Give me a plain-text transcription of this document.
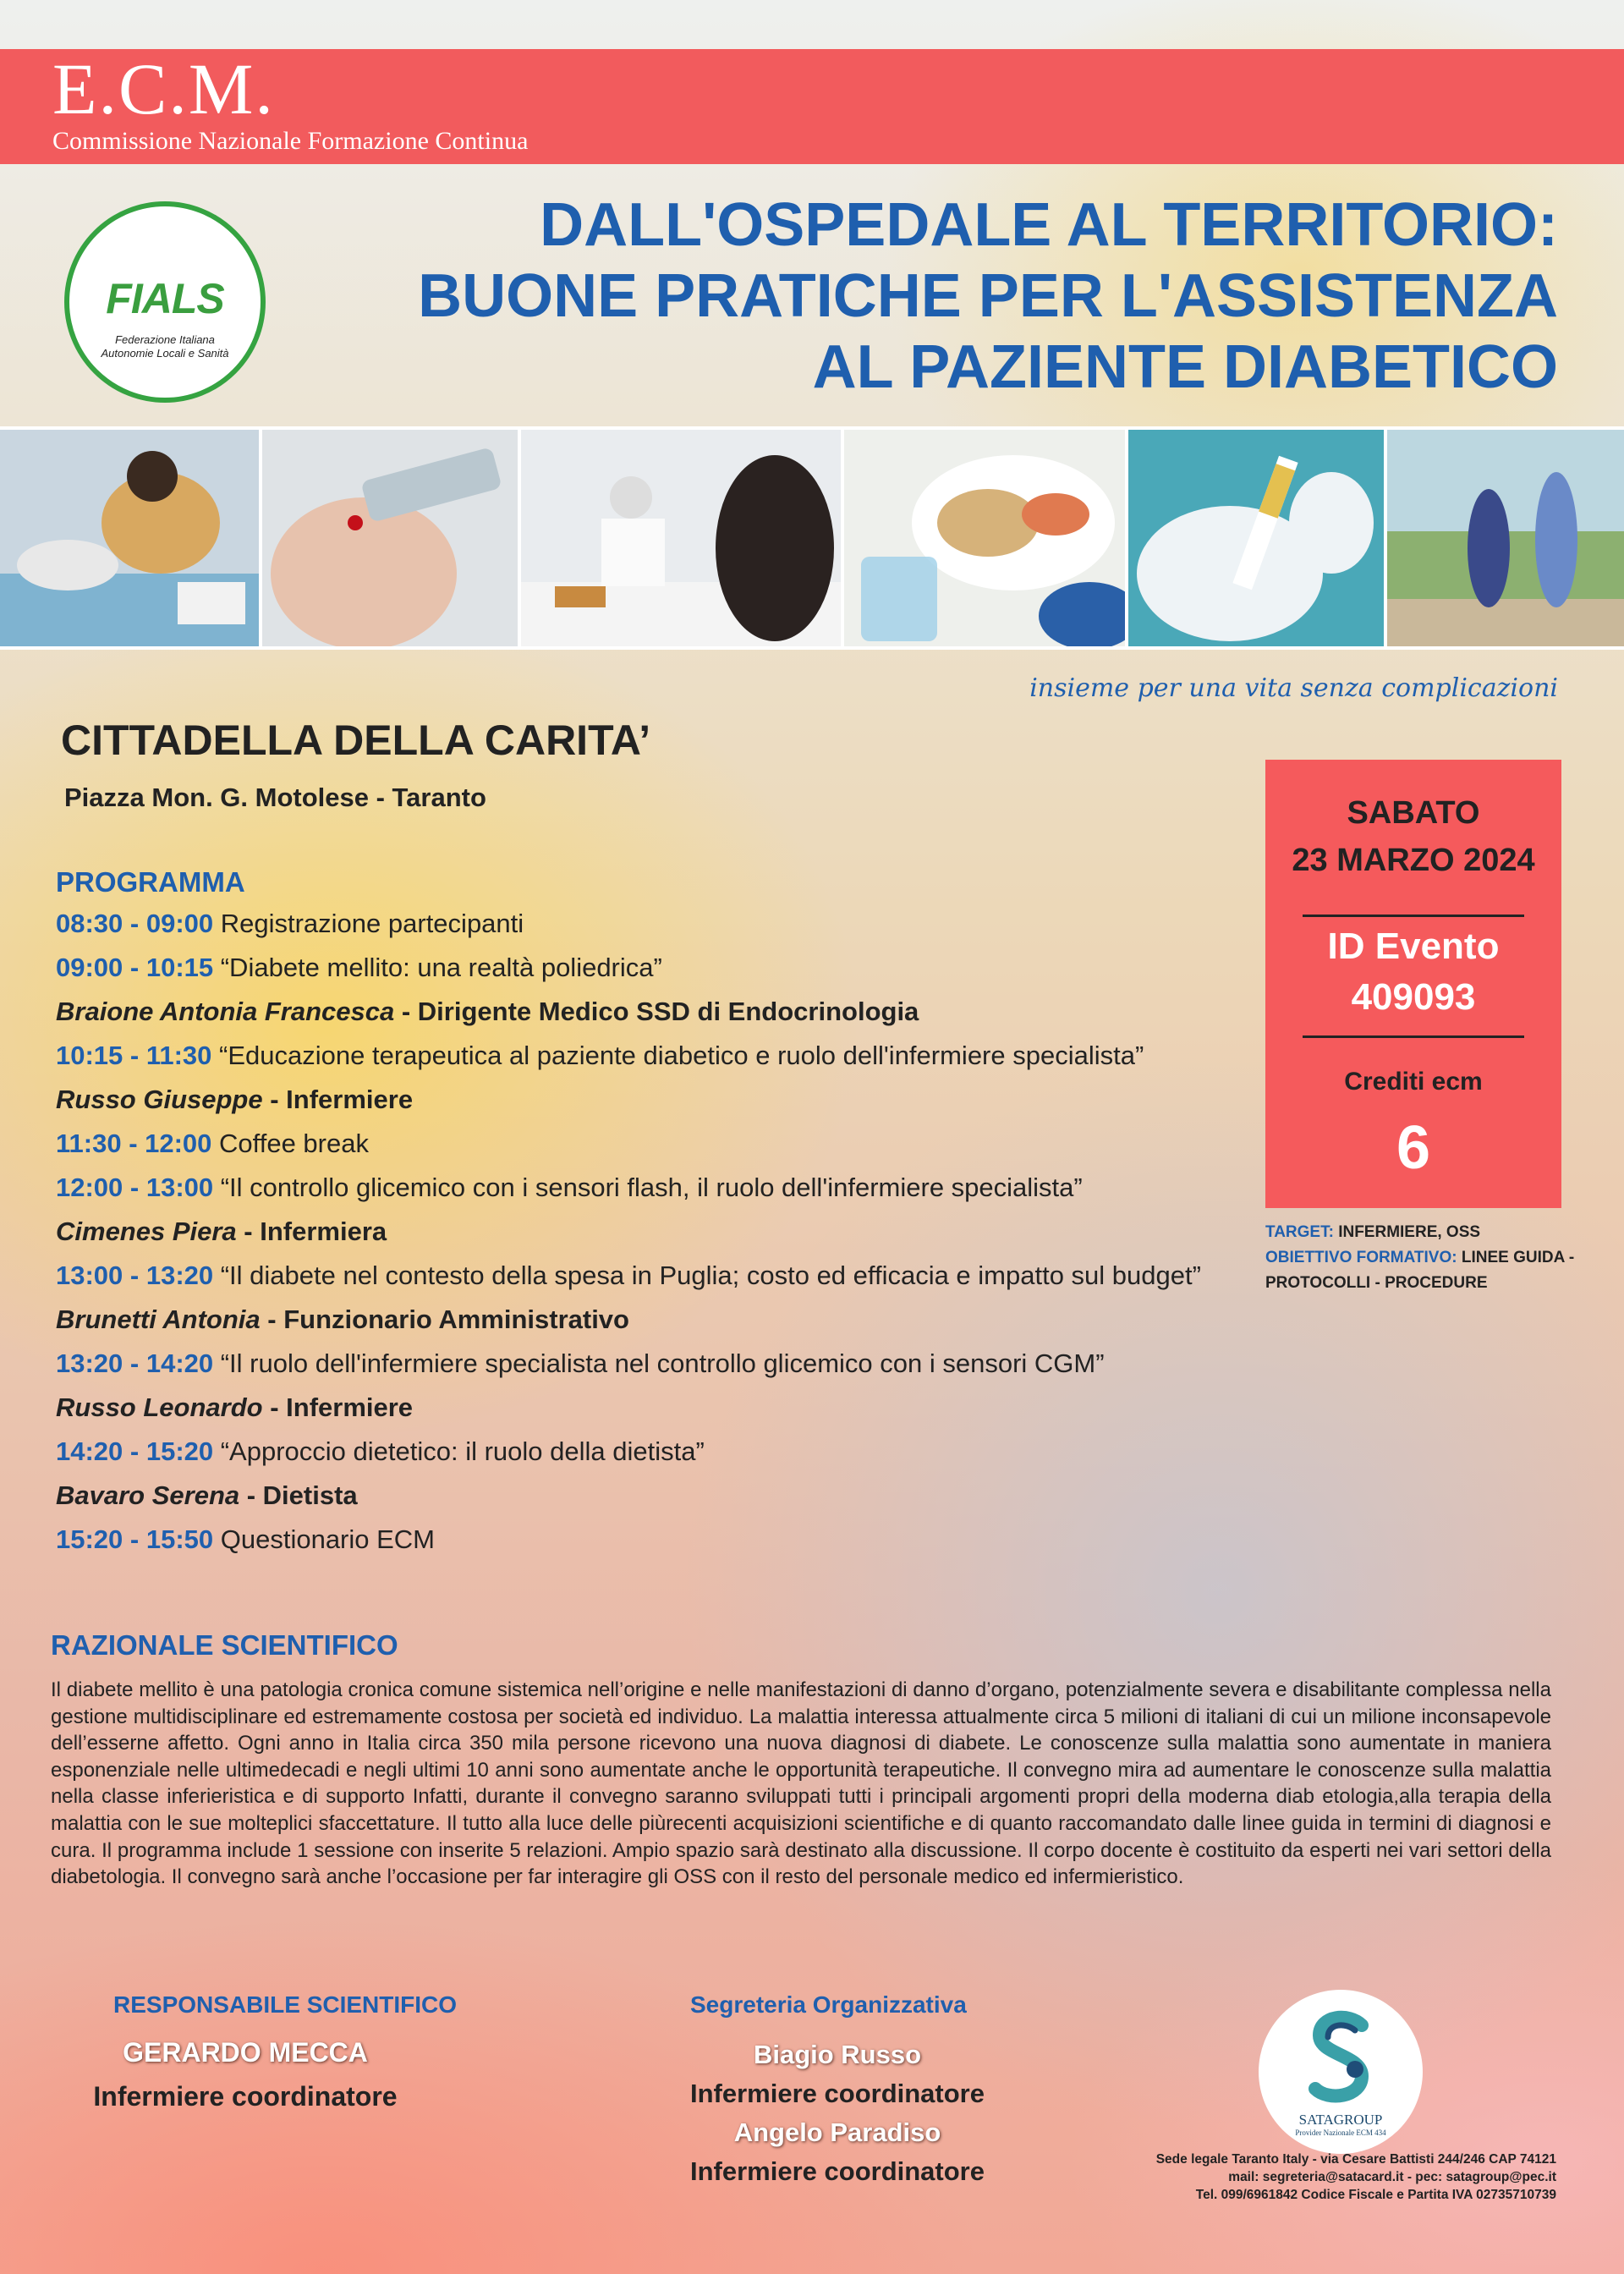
E.C.M.
Commissione Nazionale Formazione Continua
FIALS
Federazione Italiana
Autonomie Locali e Sanità
DALL'OSPEDALE AL TERRITORIO:
BUONE PRATICHE PER L'ASSISTENZA
AL PAZIENTE DIABETICO
insieme per una vita senza complicazioni
CITTADELLA DELLA CARITA’
Piazza Mon. G. Motolese - Taranto
PROGRAMMA
08:30 - 09:00 Registrazione partecipanti
09:00 - 10:15 “Diabete mellito: una realtà poliedrica”
Braione Antonia Francesca - Dirigente Medico SSD di Endocrinologia
10:15 - 11:30 “Educazione terapeutica al paziente diabetico e ruolo dell'infermiere specialista”
Russo Giuseppe - Infermiere
11:30 - 12:00 Coffee break
12:00 - 13:00 “Il controllo glicemico con i sensori flash, il ruolo dell'infermiere specialista”
Cimenes Piera - Infermiera
13:00 - 13:20 “Il diabete nel contesto della spesa in Puglia; costo ed efficacia e impatto sul budget”
Brunetti Antonia - Funzionario Amministrativo
13:20 - 14:20 “Il ruolo dell'infermiere specialista nel controllo glicemico con i sensori CGM”
Russo Leonardo - Infermiere
14:20 - 15:20 “Approccio dietetico: il ruolo della dietista”
Bavaro Serena - Dietista
15:20 - 15:50 Questionario ECM
SABATO
23 MARZO 2024
ID Evento
409093
Crediti ecm
6
TARGET: INFERMIERE, OSS
OBIETTIVO FORMATIVO: LINEE GUIDA - PROTOCOLLI - PROCEDURE
RAZIONALE SCIENTIFICO
Il diabete mellito è una patologia cronica comune sistemica nell’origine e nelle manifestazioni di danno d’organo, potenzialmente severa e disabilitante complessa nella gestione multidisciplinare ed estremamente costosa per società ed individuo. La malattia interessa attualmente circa 5 milioni di italiani di cui un milione inconsapevole dell’esserne affetto. Ogni anno in Italia circa 350 mila persone ricevono una nuova diagnosi di diabete. Le conoscenze sulla malattia sono aumentate in maniera esponenziale nelle ultimedecadi e negli ultimi 10 anni sono aumentate anche le opportunità terapeutiche. Il convegno mira ad aumentare le conoscenze sulla malattia nella classe inferieristica e di supporto Infatti, durante il convegno saranno sviluppati tutti i principali argomenti propri della moderna diab etologia,alla terapia della malattia con le sue molteplici sfaccettature. Il tutto alla luce delle piùrecenti acquisizioni scientifiche e di quanto raccomandato dalle linee guida in termini di diagnosi e cura. Il programma include 1 sessione con inserite 5 relazioni. Ampio spazio sarà destinato alla discussione. Il corpo docente è costituito da esperti nei vari settori della diabetologia. Il convegno sarà anche l’occasione per far interagire gli OSS con il resto del personale medico ed infermieristico.
RESPONSABILE SCIENTIFICO
GERARDO MECCA
Infermiere coordinatore
Segreteria Organizzativa
Biagio Russo
Infermiere coordinatore
Angelo Paradiso
Infermiere coordinatore
SATAGROUP
Provider Nazionale ECM 434
Sede legale Taranto Italy - via Cesare Battisti 244/246 CAP 74121
mail: segreteria@satacard.it - pec: satagroup@pec.it
Tel. 099/6961842 Codice Fiscale e Partita IVA 02735710739
